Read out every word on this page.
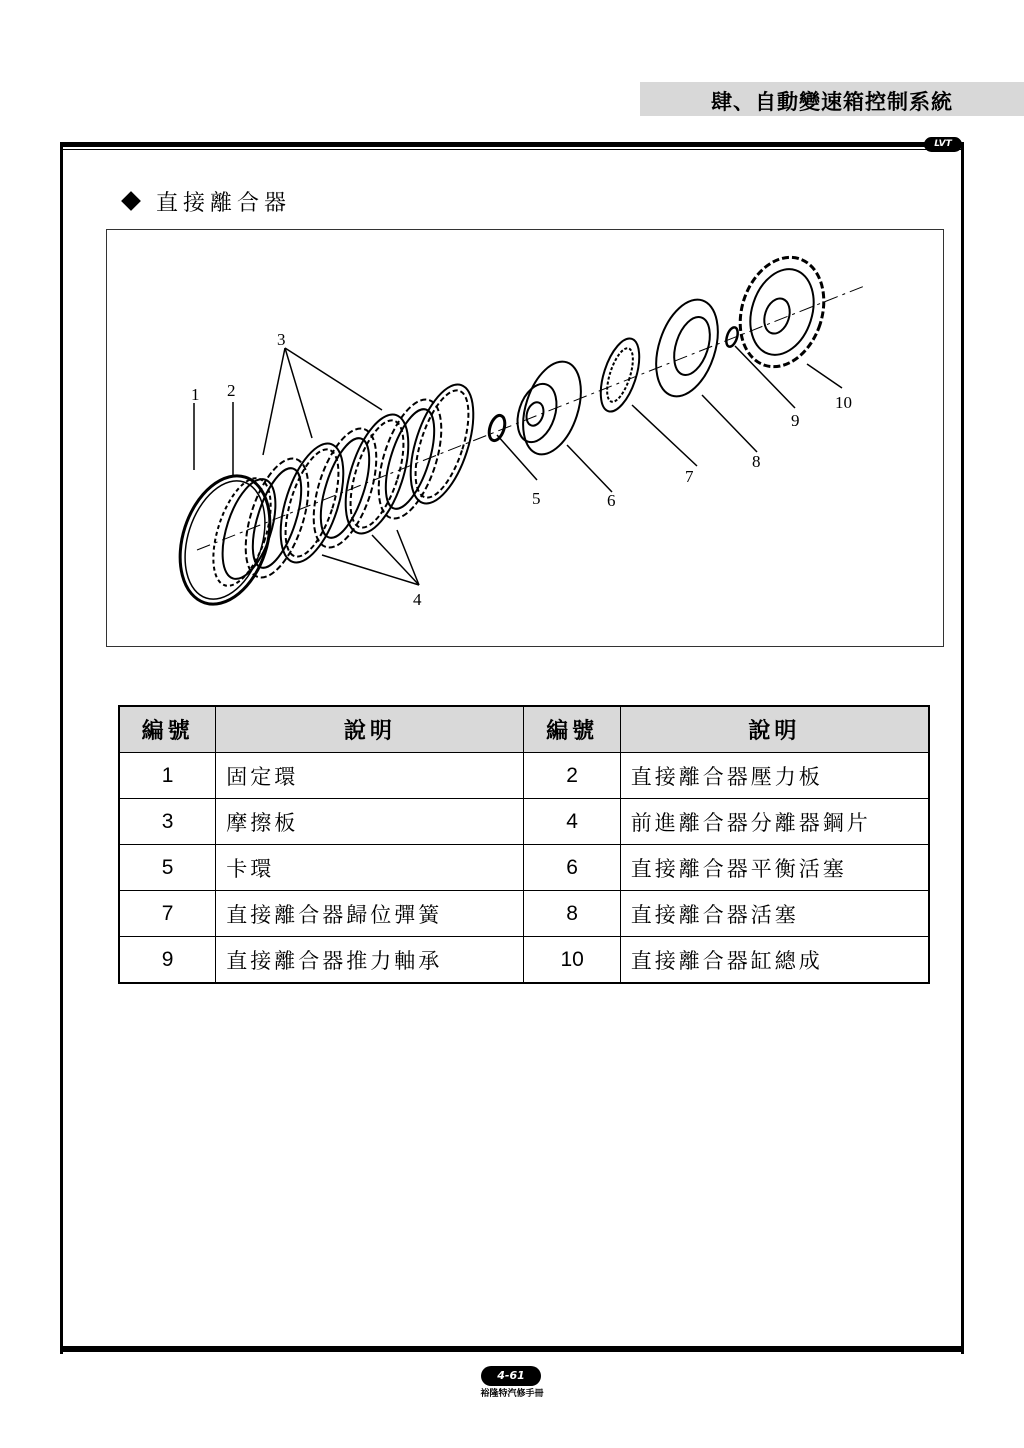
肆、自動變速箱控制系統
LVT
直接離合器
1 2
3
4
5	6
7
8
9
10
編號	說明	編號	說明
1	固定環	2	直接離合器壓力板
3	摩擦板	4	前進離合器分離器鋼片
5	卡環	6	直接離合器平衡活塞
7	直接離合器歸位彈簧	8	直接離合器活塞
9	直接離合器推力軸承	10	直接離合器缸總成
4-61
裕隆特汽修手冊
